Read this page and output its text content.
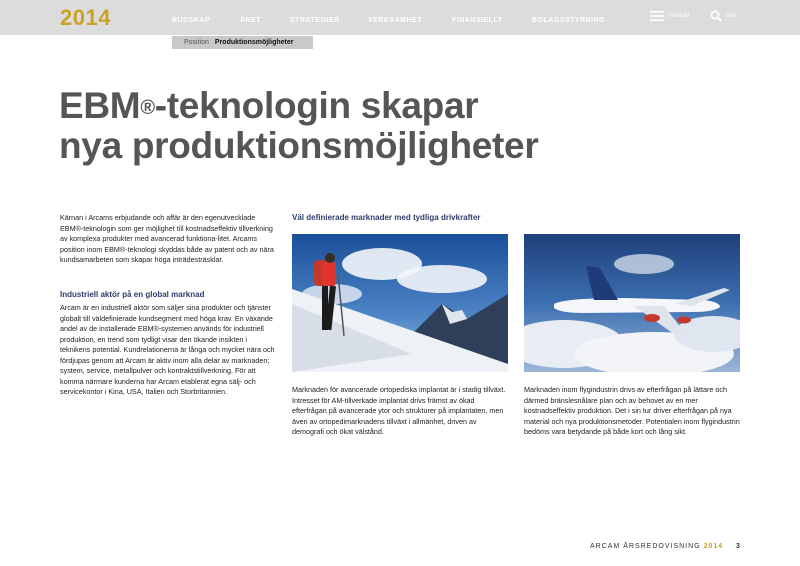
2014	RUDSKAP	ÅRET	STRATEGIER	VERKSAMHET	FINANSIELLT	BOLAGSSTYRNING
Innehåll	Sök
Position Produktionsmöjligheter
EBM®-teknologin skapar
nya produktionsmöjligheter
Kärnan i Arcams erbjudande och affär är den egenutvecklade EBM®-teknologin som ger möjlighet till kostnadseffektiv tillverkning av komplexa produkter med avancerad funktiona-litet. Arcams position inom EBM®-teknologi skyddas både av patent och av nära kundsamarbeten som skapar höga inträdesträsklar.
Industriell aktör på en global marknad
Arcam är en industriell aktör som säljer sina produkter och tjänster globalt till väldefinierade kundsegment med höga krav. En växande andel av de installerade EBM®-systemen används för industriell produktion, en trend som tydligt visar den ökande insikten i teknikens potential. Kundrelationerna är långa och mycket nära och fördjupas genom att Arcam är aktiv inom alla delar av marknaden; system, service, metallpulver och kontraktstillverkning. För att komma närmare kunderna har Arcam etablerat egna sälj- och servicekontor i Kina, USA, Italien och Storbritannien.
Väl definierade marknader med tydliga drivkrafter
Marknaden för avancerade ortopediska implantat är i stadig tillväxt. Intresset för AM-tillverkade implantat drivs främst av ökad efterfrågan på avancerade ytor och strukturer på implantaten, men även av ortopedimarknadens tillväxt i allmänhet, driven av demografi och ökat välstånd.
Marknaden inom flygindustrin drivs av efterfrågan på lättare och därmed bränslesnålare plan och av behovet av en mer kostnadseffektiv produktion. Det i sin tur driver efterfrågan på nya material och nya produktionsmetoder. Potentialen inom flygindustrin bedöms vara betydande på både kort och lång sikt.
ARCAM ÅRSREDOVISNING 2014 3
